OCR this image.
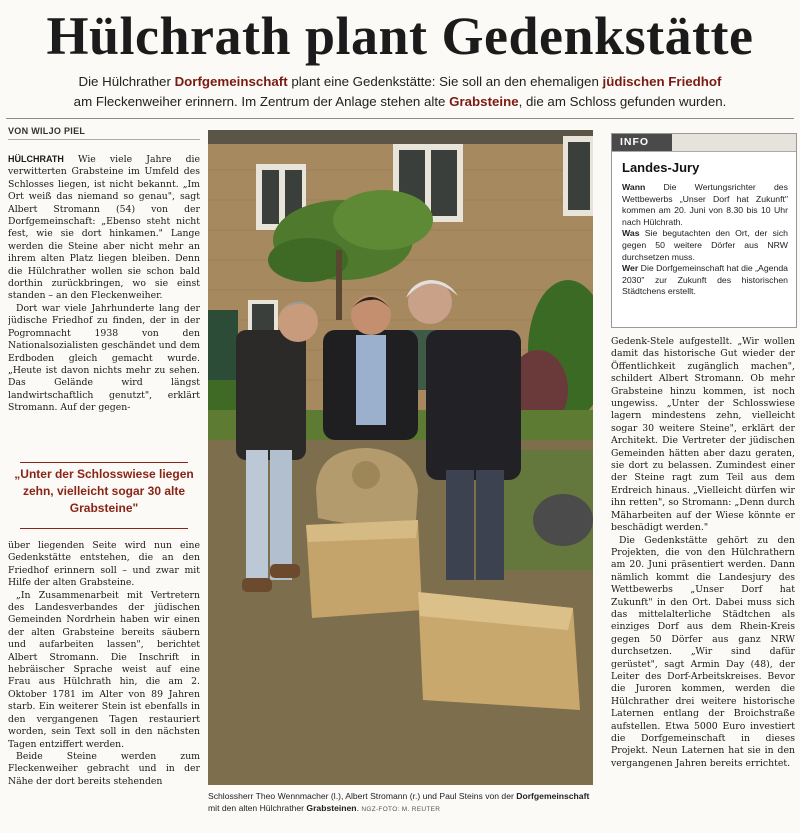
Hülchrath plant Gedenkstätte
Die Hülchrather Dorfgemeinschaft plant eine Gedenkstätte: Sie soll an den ehemaligen jüdischen Friedhof
am Fleckenweiher erinnern. Im Zentrum der Anlage stehen alte Grabsteine, die am Schloss gefunden wurden.
VON WILJO PIEL

HÜLCHRATH Wie viele Jahre die verwitterten Grabsteine im Umfeld des Schlosses liegen, ist nicht bekannt. „Im Ort weiß das niemand so genau", sagt Albert Stromann (54) von der Dorfgemeinschaft: „Ebenso steht nicht fest, wie sie dort hinkamen." Lange werden die Steine aber nicht mehr an ihrem alten Platz liegen bleiben. Denn die Hülchrather wollen sie schon bald dorthin zurückbringen, wo sie einst standen – an den Fleckenweiher.

Dort war viele Jahrhunderte lang der jüdische Friedhof zu finden, der in der Pogromnacht 1938 von den Nationalsozialisten geschändet und dem Erdboden gleich gemacht wurde. „Heute ist davon nichts mehr zu sehen. Das Gelände wird längst landwirtschaftlich genutzt", erklärt Stromann. Auf der gegen-

„Unter der Schlosswiese liegen zehn, vielleicht sogar 30 alte Grabsteine"

über liegenden Seite wird nun eine Gedenkstätte entstehen, die an den Friedhof erinnern soll – und zwar mit Hilfe der alten Grabsteine.

„In Zusammenarbeit mit Vertretern des Landesverbandes der jüdischen Gemeinden Nordrhein haben wir einen der alten Grabsteine bereits säubern und aufarbeiten lassen", berichtet Albert Stromann. Die Inschrift in hebräischer Sprache weist auf eine Frau aus Hülchrath hin, die am 2. Oktober 1781 im Alter von 89 Jahren starb. Ein weiterer Stein ist ebenfalls in den vergangenen Tagen restauriert worden, sein Text soll in den nächsten Tagen entziffert werden.

Beide Steine werden zum Fleckenweiher gebracht und in der Nähe der dort bereits stehenden

Schlossherr Theo Wennmacher (l.), Albert Stromann (r.) und Paul Steins von der Dorfgemeinschaft mit den alten Hülchrather Grabsteinen. NGZ-FOTO: M. REUTER
INFO
Landes-Jury

Wann Die Wertungsrichter des Wettbewerbs „Unser Dorf hat Zukunft" kommen am 20. Juni von 8.30 bis 10 Uhr nach Hülchrath.

Was Sie begutachten den Ort, der sich gegen 50 weitere Dörfer aus NRW durchsetzen muss.

Wer Die Dorfgemeinschaft hat die „Agenda 2030" zur Zukunft des historischen Städtchens erstellt.

Gedenk-Stele aufgestellt. „Wir wollen damit das historische Gut wieder der Öffentlichkeit zugänglich machen", schildert Albert Stromann. Ob mehr Grabsteine hinzu kommen, ist noch ungewiss. „Unter der Schlosswiese lagern mindestens zehn, vielleicht sogar 30 weitere Steine", erklärt der Architekt. Die Vertreter der jüdischen Gemeinden hätten aber dazu geraten, sie dort zu belassen. Zumindest einer der Steine ragt zum Teil aus dem Erdreich hinaus. „Vielleicht dürfen wir ihn retten", so Stromann: „Denn durch Mäharbeiten auf der Wiese könnte er beschädigt werden."

Die Gedenkstätte gehört zu den Projekten, die von den Hülchrathern am 20. Juni präsentiert werden. Dann nämlich kommt die Landesjury des Wettbewerbs „Unser Dorf hat Zukunft" in den Ort. Dabei muss sich das mittelalterliche Städtchen als einziges Dorf aus dem Rhein-Kreis gegen 50 Dörfer aus ganz NRW durchsetzen. „Wir sind dafür gerüstet", sagt Armin Day (48), der Leiter des Dorf-Arbeitskreises. Bevor die Juroren kommen, werden die Hülchrather drei weitere historische Laternen entlang der Broichstraße aufstellen. Etwa 5000 Euro investiert die Dorfgemeinschaft in dieses Projekt. Neun Laternen hat sie in den vergangenen Jahren bereits errichtet.
